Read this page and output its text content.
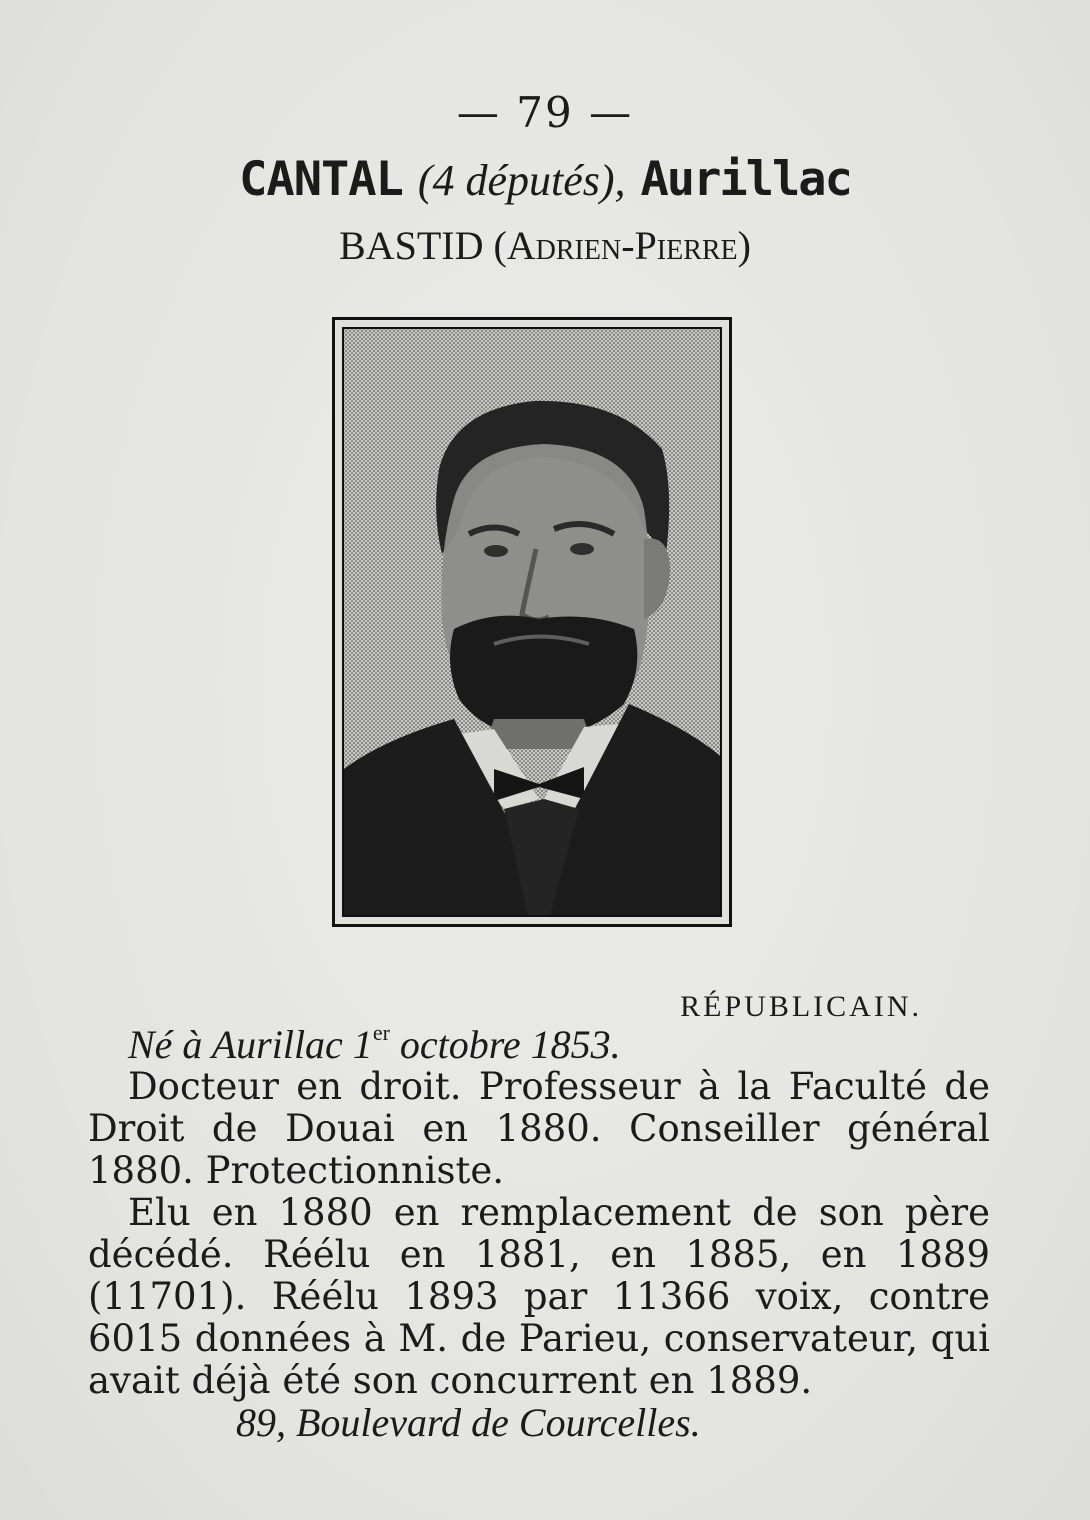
— 79 —
CANTAL (4 députés), Aurillac
BASTID (Adrien-Pierre)
RÉPUBLICAIN.

Né à Aurillac 1er octobre 1853.

Docteur en droit. Professeur à la Faculté de Droit de Douai en 1880. Conseiller général 1880. Protectionniste.

Elu en 1880 en remplacement de son père décédé. Réélu en 1881, en 1885, en 1889 (11701). Réélu 1893 par 11366 voix, contre 6015 données à M. de Parieu, conservateur, qui avait déjà été son concurrent en 1889.

89, Boulevard de Courcelles.
